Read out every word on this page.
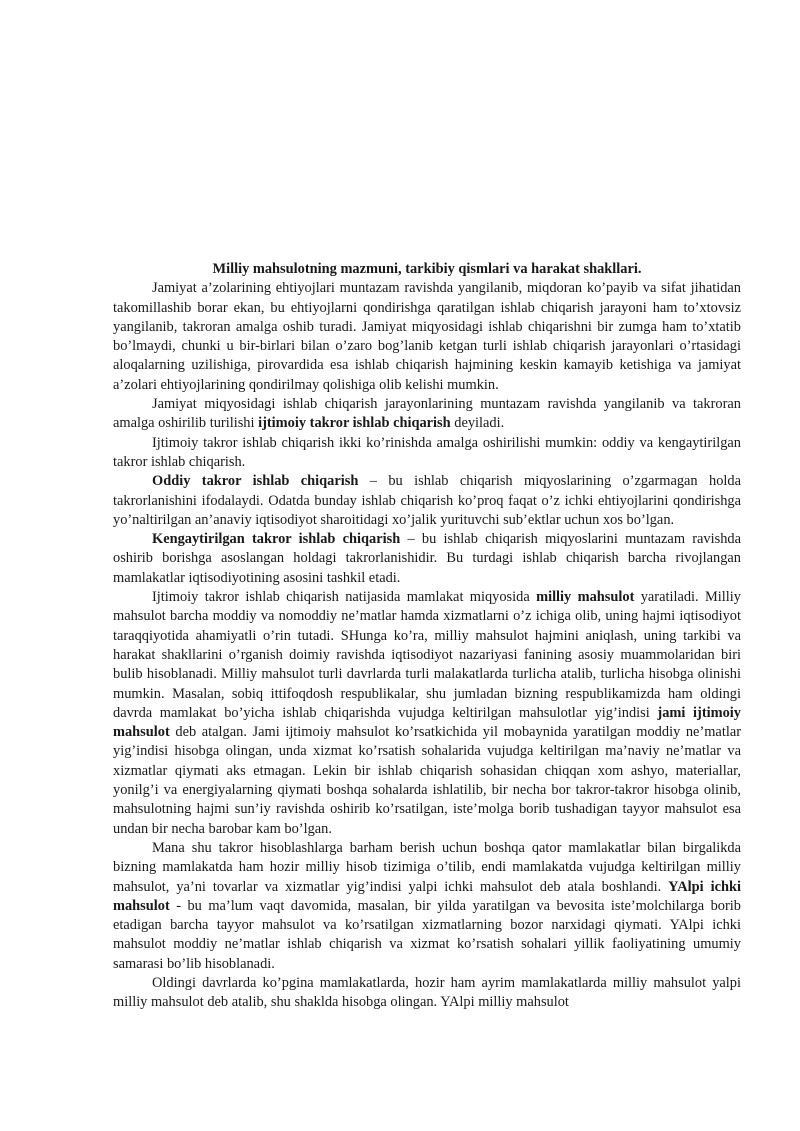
Milliy mahsulotning mazmuni, tarkibiy qismlari va harakat shakllari.

Jamiyat a’zolarining ehtiyojlari muntazam ravishda yangilanib, miqdoran ko’payib va sifat jihatidan takomillashib borar ekan, bu ehtiyojlarni qondirishga qaratilgan ishlab chiqarish jarayoni ham to’xtovsiz yangilanib, takroran amalga oshib turadi. Jamiyat miqyosidagi ishlab chiqarishni bir zumga ham to’xtatib bo’lmaydi, chunki u bir-birlari bilan o’zaro bog’lanib ketgan turli ishlab chiqarish jarayonlari o’rtasidagi aloqalarning uzilishiga, pirovardida esa ishlab chiqarish hajmining keskin kamayib ketishiga va jamiyat a’zolari ehtiyojlarining qondirilmay qolishiga olib kelishi mumkin.

Jamiyat miqyosidagi ishlab chiqarish jarayonlarining muntazam ravishda yangilanib va takroran amalga oshirilib turilishi ijtimoiy takror ishlab chiqarish deyiladi.

Ijtimoiy takror ishlab chiqarish ikki ko’rinishda amalga oshirilishi mumkin: oddiy va kengaytirilgan takror ishlab chiqarish.

Oddiy takror ishlab chiqarish – bu ishlab chiqarish miqyoslarining o’zgarmagan holda takrorlanishini ifodalaydi. Odatda bunday ishlab chiqarish ko’proq faqat o’z ichki ehtiyojlarini qondirishga yo’naltirilgan an’anaviy iqtisodiyot sharoitidagi xo’jalik yurituvchi sub’ektlar uchun xos bo’lgan.

Kengaytirilgan takror ishlab chiqarish – bu ishlab chiqarish miqyoslarini muntazam ravishda oshirib borishga asoslangan holdagi takrorlanishidir. Bu turdagi ishlab chiqarish barcha rivojlangan mamlakatlar iqtisodiyotining asosini tashkil etadi.

Ijtimoiy takror ishlab chiqarish natijasida mamlakat miqyosida milliy mahsulot yaratiladi. Milliy mahsulot barcha moddiy va nomoddiy ne’matlar hamda xizmatlarni o’z ichiga olib, uning hajmi iqtisodiyot taraqqiyotida ahamiyatli o’rin tutadi. SHunga ko’ra, milliy mahsulot hajmini aniqlash, uning tarkibi va harakat shakllarini o’rganish doimiy ravishda iqtisodiyot nazariyasi fanining asosiy muammolaridan biri bulib hisoblanadi. Milliy mahsulot turli davrlarda turli malakatlarda turlicha atalib, turlicha hisobga olinishi mumkin. Masalan, sobiq ittifoqdosh respublikalar, shu jumladan bizning respublikamizda ham oldingi davrda mamlakat bo’yicha ishlab chiqarishda vujudga keltirilgan mahsulotlar yig’indisi jami ijtimoiy mahsulot deb atalgan. Jami ijtimoiy mahsulot ko’rsatkichida yil mobaynida yaratilgan moddiy ne’matlar yig’indisi hisobga olingan, unda xizmat ko’rsatish sohalarida vujudga keltirilgan ma’naviy ne’matlar va xizmatlar qiymati aks etmagan. Lekin bir ishlab chiqarish sohasidan chiqqan xom ashyo, materiallar, yonilg’i va energiyalarning qiymati boshqa sohalarda ishlatilib, bir necha bor takror-takror hisobga olinib, mahsulotning hajmi sun’iy ravishda oshirib ko’rsatilgan, iste’molga borib tushadigan tayyor mahsulot esa undan bir necha barobar kam bo’lgan.

Mana shu takror hisoblashlarga barham berish uchun boshqa qator mamlakatlar bilan birgalikda bizning mamlakatda ham hozir milliy hisob tizimiga o’tilib, endi mamlakatda vujudga keltirilgan milliy mahsulot, ya’ni tovarlar va xizmatlar yig’indisi yalpi ichki mahsulot deb atala boshlandi. YAlpi ichki mahsulot - bu ma’lum vaqt davomida, masalan, bir yilda yaratilgan va bevosita iste’molchilarga borib etadigan barcha tayyor mahsulot va ko’rsatilgan xizmatlarning bozor narxidagi qiymati. YAlpi ichki mahsulot moddiy ne’matlar ishlab chiqarish va xizmat ko’rsatish sohalari yillik faoliyatining umumiy samarasi bo’lib hisoblanadi.

Oldingi davrlarda ko’pgina mamlakatlarda, hozir ham ayrim mamlakatlarda milliy mahsulot yalpi milliy mahsulot deb atalib, shu shaklda hisobga olingan. YAlpi milliy mahsulot
